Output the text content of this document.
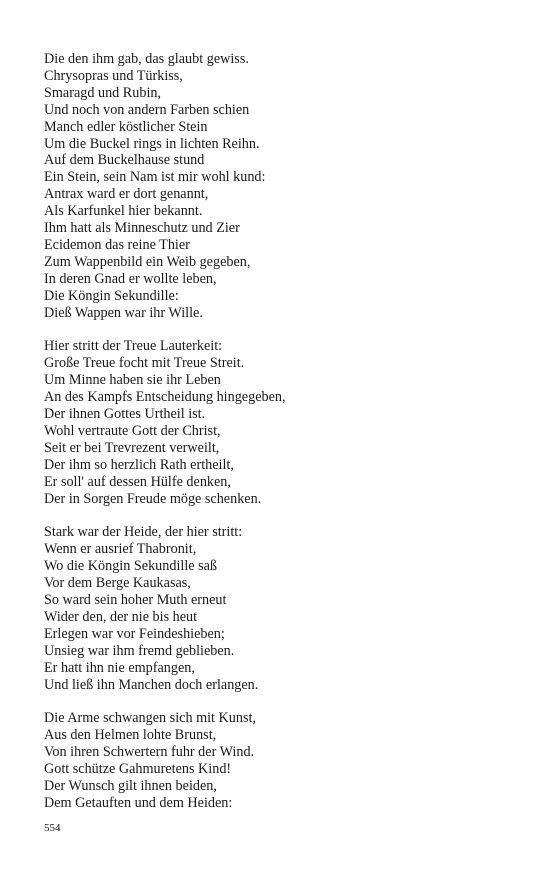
Die den ihm gab, das glaubt gewiss.
Chrysopras und Türkiss,
Smaragd und Rubin,
Und noch von andern Farben schien
Manch edler köstlicher Stein
Um die Buckel rings in lichten Reihn.
Auf dem Buckelhause stund
Ein Stein, sein Nam ist mir wohl kund:
Antrax ward er dort genannt,
Als Karfunkel hier bekannt.
Ihm hatt als Minneschutz und Zier
Ecidemon das reine Thier
Zum Wappenbild ein Weib gegeben,
In deren Gnad er wollte leben,
Die Köngin Sekundille:
Dieß Wappen war ihr Wille.
Hier stritt der Treue Lauterkeit:
Große Treue focht mit Treue Streit.
Um Minne haben sie ihr Leben
An des Kampfs Entscheidung hingegeben,
Der ihnen Gottes Urtheil ist.
Wohl vertraute Gott der Christ,
Seit er bei Trevrezent verweilt,
Der ihm so herzlich Rath ertheilt,
Er soll' auf dessen Hülfe denken,
Der in Sorgen Freude möge schenken.
Stark war der Heide, der hier stritt:
Wenn er ausrief Thabronit,
Wo die Köngin Sekundille saß
Vor dem Berge Kaukasas,
So ward sein hoher Muth erneut
Wider den, der nie bis heut
Erlegen war vor Feindeshieben;
Unsieg war ihm fremd geblieben.
Er hatt ihn nie empfangen,
Und ließ ihn Manchen doch erlangen.
Die Arme schwangen sich mit Kunst,
Aus den Helmen lohte Brunst,
Von ihren Schwertern fuhr der Wind.
Gott schütze Gahmuretens Kind!
Der Wunsch gilt ihnen beiden,
Dem Getauften und dem Heiden:
554
